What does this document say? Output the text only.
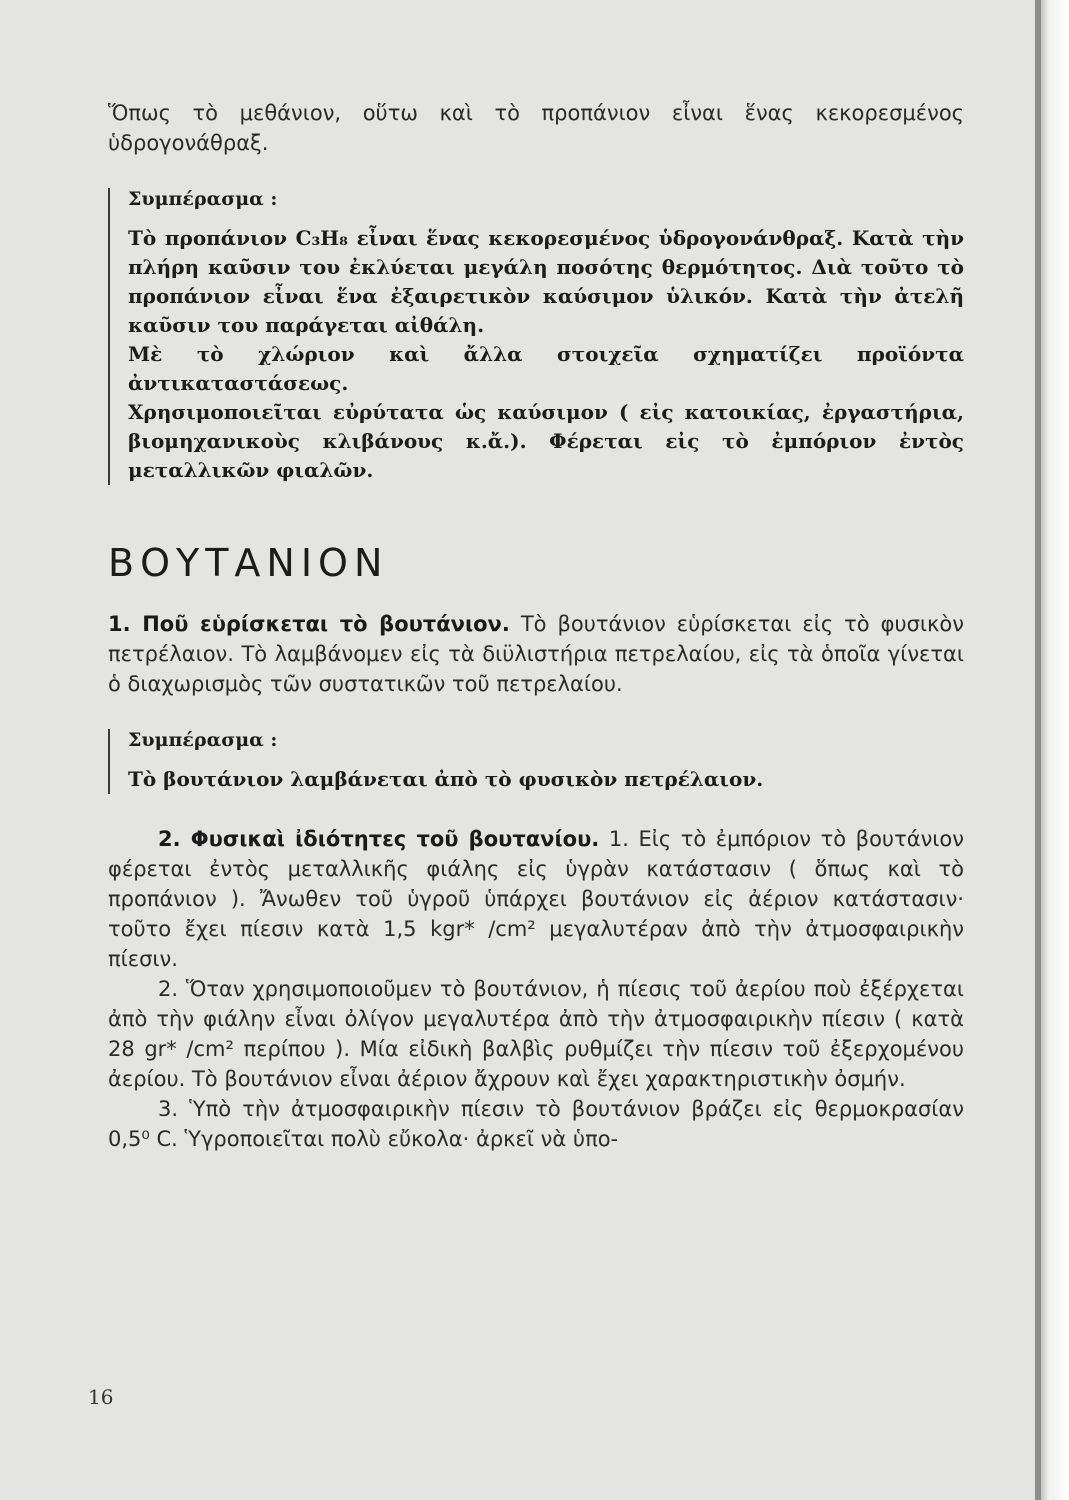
Ὅπως τὸ μεθάνιον, οὕτω καὶ τὸ προπάνιον εἶναι ἕνας κεκορεσμένος ὑδρογονάθραξ.

Συμπέρασμα :

Τὸ προπάνιον C₃H₈ εἶναι ἕνας κεκορεσμένος ὑδρογονάνθραξ. Κατὰ τὴν πλήρη καῦσιν του ἐκλύεται μεγάλη ποσότης θερμότητος. Διὰ τοῦτο τὸ προπάνιον εἶναι ἕνα ἐξαιρετικὸν καύσιμον ὑλικόν. Κατὰ τὴν ἀτελῆ καῦσιν του παράγεται αἰθάλη.

Μὲ τὸ χλώριον καὶ ἄλλα στοιχεῖα σχηματίζει προϊόντα ἀντικαταστάσεως.

Χρησιμοποιεῖται εὐρύτατα ὡς καύσιμον ( εἰς κατοικίας, ἐργαστήρια, βιομηχανικοὺς κλιβάνους κ.ἄ.). Φέρεται εἰς τὸ ἐμπόριον ἐντὸς μεταλλικῶν φιαλῶν.

ΒΟΥΤΑΝΙΟΝ

1. Ποῦ εὑρίσκεται τὸ βουτάνιον. Τὸ βουτάνιον εὑρίσκεται εἰς τὸ φυσικὸν πετρέλαιον. Τὸ λαμβάνομεν εἰς τὰ διϋλιστήρια πετρελαίου, εἰς τὰ ὁποῖα γίνεται ὁ διαχωρισμὸς τῶν συστατικῶν τοῦ πετρελαίου.

Συμπέρασμα :

Τὸ βουτάνιον λαμβάνεται ἀπὸ τὸ φυσικὸν πετρέλαιον.

2. Φυσικαὶ ἰδιότητες τοῦ βουτανίου. 1. Εἰς τὸ ἐμπόριον τὸ βουτάνιον φέρεται ἐντὸς μεταλλικῆς φιάλης εἰς ὑγρὰν κατάστασιν ( ὅπως καὶ τὸ προπάνιον ). Ἄνωθεν τοῦ ὑγροῦ ὑπάρχει βουτάνιον εἰς ἀέριον κατάστασιν· τοῦτο ἔχει πίεσιν κατὰ 1,5 kgr* /cm² μεγαλυτέραν ἀπὸ τὴν ἀτμοσφαιρικὴν πίεσιν.

2. Ὅταν χρησιμοποιοῦμεν τὸ βουτάνιον, ἡ πίεσις τοῦ ἀερίου ποὺ ἐξέρχεται ἀπὸ τὴν φιάλην εἶναι ὀλίγον μεγαλυτέρα ἀπὸ τὴν ἀτμοσφαιρικὴν πίεσιν ( κατὰ 28 gr* /cm² περίπου ). Μία εἰδικὴ βαλβὶς ρυθμίζει τὴν πίεσιν τοῦ ἐξερχομένου ἀερίου. Τὸ βουτάνιον εἶναι ἀέριον ἄχρουν καὶ ἔχει χαρακτηριστικὴν ὀσμήν.

3. Ὑπὸ τὴν ἀτμοσφαιρικὴν πίεσιν τὸ βουτάνιον βράζει εἰς θερμοκρασίαν 0,5⁰ C. Ὑγροποιεῖται πολὺ εὔκολα· ἀρκεῖ νὰ ὑπο-

16
